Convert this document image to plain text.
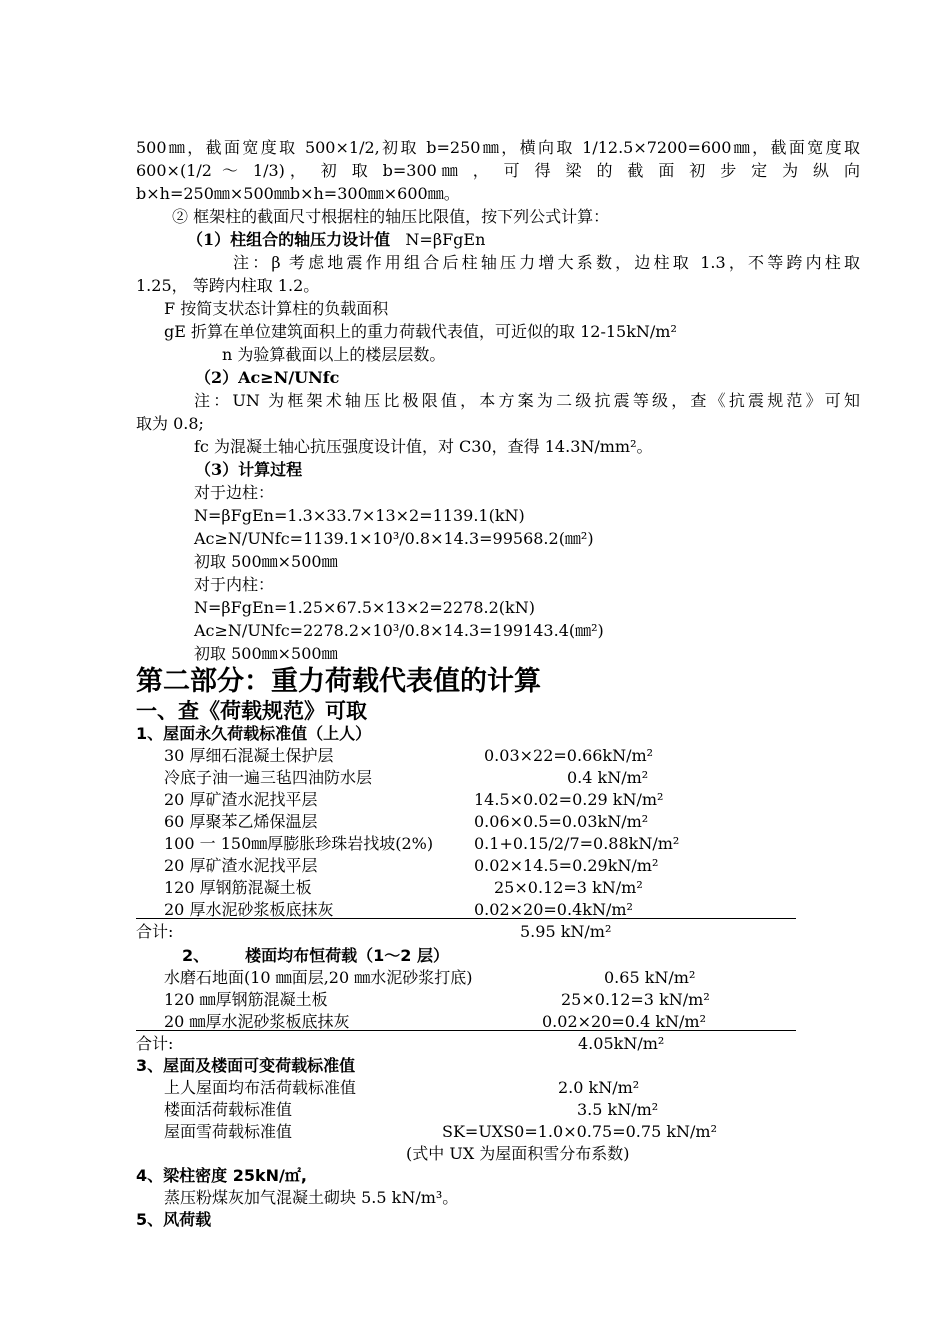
500㎜，截面宽度取 500×1/2,初取 b=250㎜，横向取 1/12.5×7200=600㎜，截面宽度取
600×(1/2 ～ 1/3)， 初 取 b=300㎜ ， 可 得 梁 的 截 面 初 步 定 为 纵 向
b×h=250㎜×500㎜b×h=300㎜×600㎜。
② 框架柱的截面尺寸根据柱的轴压比限值，按下列公式计算：
（1）柱组合的轴压力设计值 N=βFgEn
注：β 考虑地震作用组合后柱轴压力增大系数，边柱取 1.3，不等跨内柱取
1.25， 等跨内柱取 1.2。
F 按简支状态计算柱的负载面积
gE 折算在单位建筑面积上的重力荷载代表值，可近似的取 12-15kN/m²
n 为验算截面以上的楼层层数。
（2）Ac≥N/UNfc
注：UN 为框架术轴压比极限值，本方案为二级抗震等级，查《抗震规范》可知
取为 0.8;
fc 为混凝土轴心抗压强度设计值，对 C30，查得 14.3N/mm²。
（3）计算过程
对于边柱：
N=βFgEn=1.3×33.7×13×2=1139.1(kN)
Ac≥N/UNfc=1139.1×10³/0.8×14.3=99568.2(㎜²)
初取 500㎜×500㎜
对于内柱：
N=βFgEn=1.25×67.5×13×2=2278.2(kN)
Ac≥N/UNfc=2278.2×10³/0.8×14.3=199143.4(㎜²)
初取 500㎜×500㎜
第二部分：重力荷载代表值的计算
一、查《荷载规范》可取
1、屋面永久荷载标准值（上人）
30 厚细石混凝土保护层	0.03×22=0.66kN/m²
冷底子油一遍三毡四油防水层	0.4 kN/m²
20 厚矿渣水泥找平层	14.5×0.02=0.29 kN/m²
60 厚聚苯乙烯保温层	0.06×0.5=0.03kN/m²
100 一 150㎜厚膨胀珍珠岩找坡(2%)	0.1+0.15/2/7=0.88kN/m²
20 厚矿渣水泥找平层	0.02×14.5=0.29kN/m²
120 厚钢筋混凝土板	25×0.12=3 kN/m²
20 厚水泥砂浆板底抹灰	0.02×20=0.4kN/m²
合计:	5.95 kN/m²
2、 楼面均布恒荷载（1～2 层）
水磨石地面(10 ㎜面层,20 ㎜水泥砂浆打底)	0.65 kN/m²
120 ㎜厚钢筋混凝土板	25×0.12=3 kN/m²
20 ㎜厚水泥砂浆板底抹灰	0.02×20=0.4 kN/m²
合计:	4.05kN/m²
3、屋面及楼面可变荷载标准值
上人屋面均布活荷载标准值	2.0 kN/m²
楼面活荷载标准值	3.5 kN/m²
屋面雪荷载标准值	SK=UXS0=1.0×0.75=0.75 kN/m²
(式中 UX 为屋面积雪分布系数)
4、梁柱密度 25kN/㎡,
蒸压粉煤灰加气混凝土砌块 5.5 kN/m³。
5、风荷载
